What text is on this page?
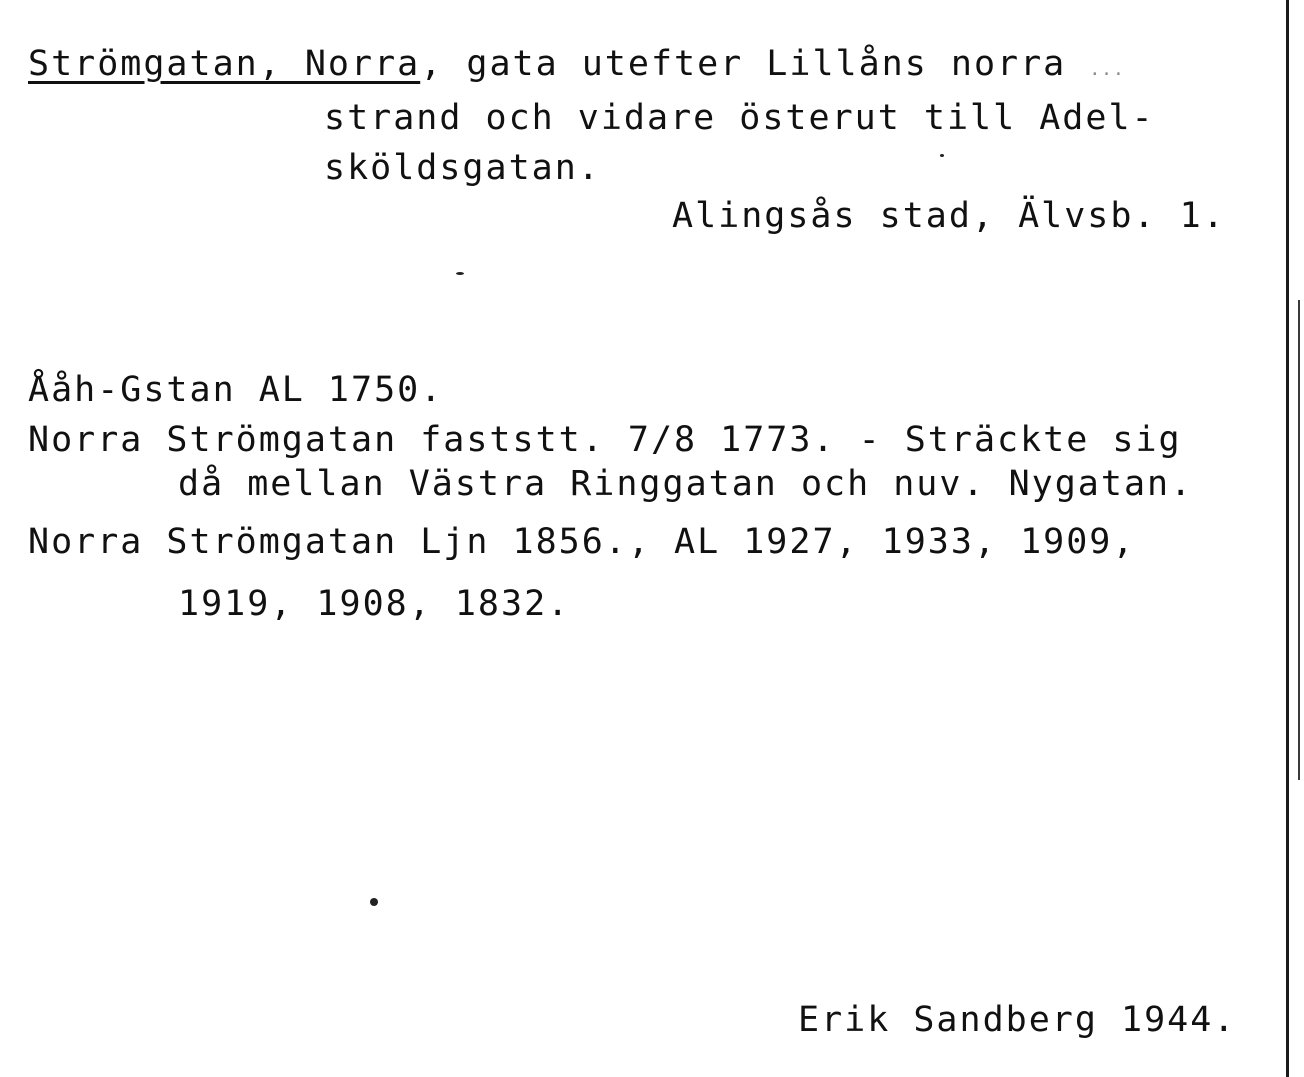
Strömgatan, Norra, gata utefter Lillåns norra ...
strand och vidare österut till Adel-
sköldsgatan.
Alingsås stad, Älvsb. 1.
Ååh-Gstan AL 1750.
Norra Strömgatan faststt. 7/8 1773. - Sträckte sig
då mellan Västra Ringgatan och nuv. Nygatan.
Norra Strömgatan Ljn 1856., AL 1927, 1933, 1909,
1919, 1908, 1832.
Erik Sandberg 1944.
